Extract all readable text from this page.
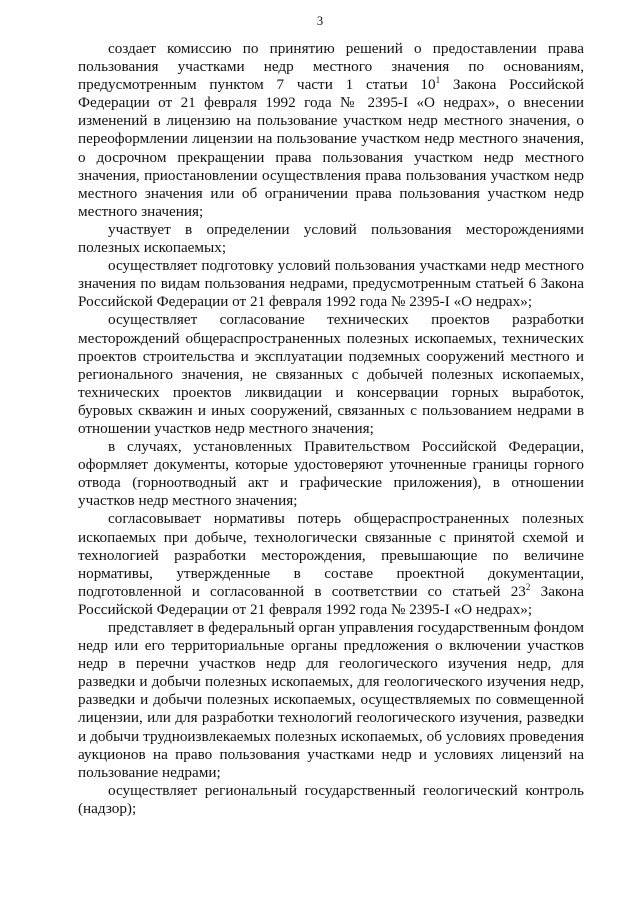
3

создает комиссию по принятию решений о предоставлении права пользования участками недр местного значения по основаниям, предусмотренным пунктом 7 части 1 статьи $10^1$ Закона Российской Федерации от 21 февраля 1992 года № 2395-I «О недрах», о внесении изменений в лицензию на пользование участком недр местного значения, о переоформлении лицензии на пользование участком недр местного значения, о досрочном прекращении права пользования участком недр местного значения, приостановлении осуществления права пользования участком недр местного значения или об ограничении права пользования участком недр местного значения;

участвует в определении условий пользования месторождениями полезных ископаемых;

осуществляет подготовку условий пользования участками недр местного значения по видам пользования недрами, предусмотренным статьей 6 Закона Российской Федерации от 21 февраля 1992 года № 2395-I «О недрах»;

осуществляет согласование технических проектов разработки месторождений общераспространенных полезных ископаемых, технических проектов строительства и эксплуатации подземных сооружений местного и регионального значения, не связанных с добычей полезных ископаемых, технических проектов ликвидации и консервации горных выработок, буровых скважин и иных сооружений, связанных с пользованием недрами в отношении участков недр местного значения;

в случаях, установленных Правительством Российской Федерации, оформляет документы, которые удостоверяют уточненные границы горного отвода (горноотводный акт и графические приложения), в отношении участков недр местного значения;

согласовывает нормативы потерь общераспространенных полезных ископаемых при добыче, технологически связанные с принятой схемой и технологией разработки месторождения, превышающие по величине нормативы, утвержденные в составе проектной документации, подготовленной и согласованной в соответствии со статьей $23^2$ Закона Российской Федерации от 21 февраля 1992 года № 2395-I «О недрах»;

представляет в федеральный орган управления государственным фондом недр или его территориальные органы предложения о включении участков недр в перечни участков недр для геологического изучения недр, для разведки и добычи полезных ископаемых, для геологического изучения недр, разведки и добычи полезных ископаемых, осуществляемых по совмещенной лицензии, или для разработки технологий геологического изучения, разведки и добычи трудноизвлекаемых полезных ископаемых, об условиях проведения аукционов на право пользования участками недр и условиях лицензий на пользование недрами;

осуществляет региональный государственный геологический контроль (надзор);
